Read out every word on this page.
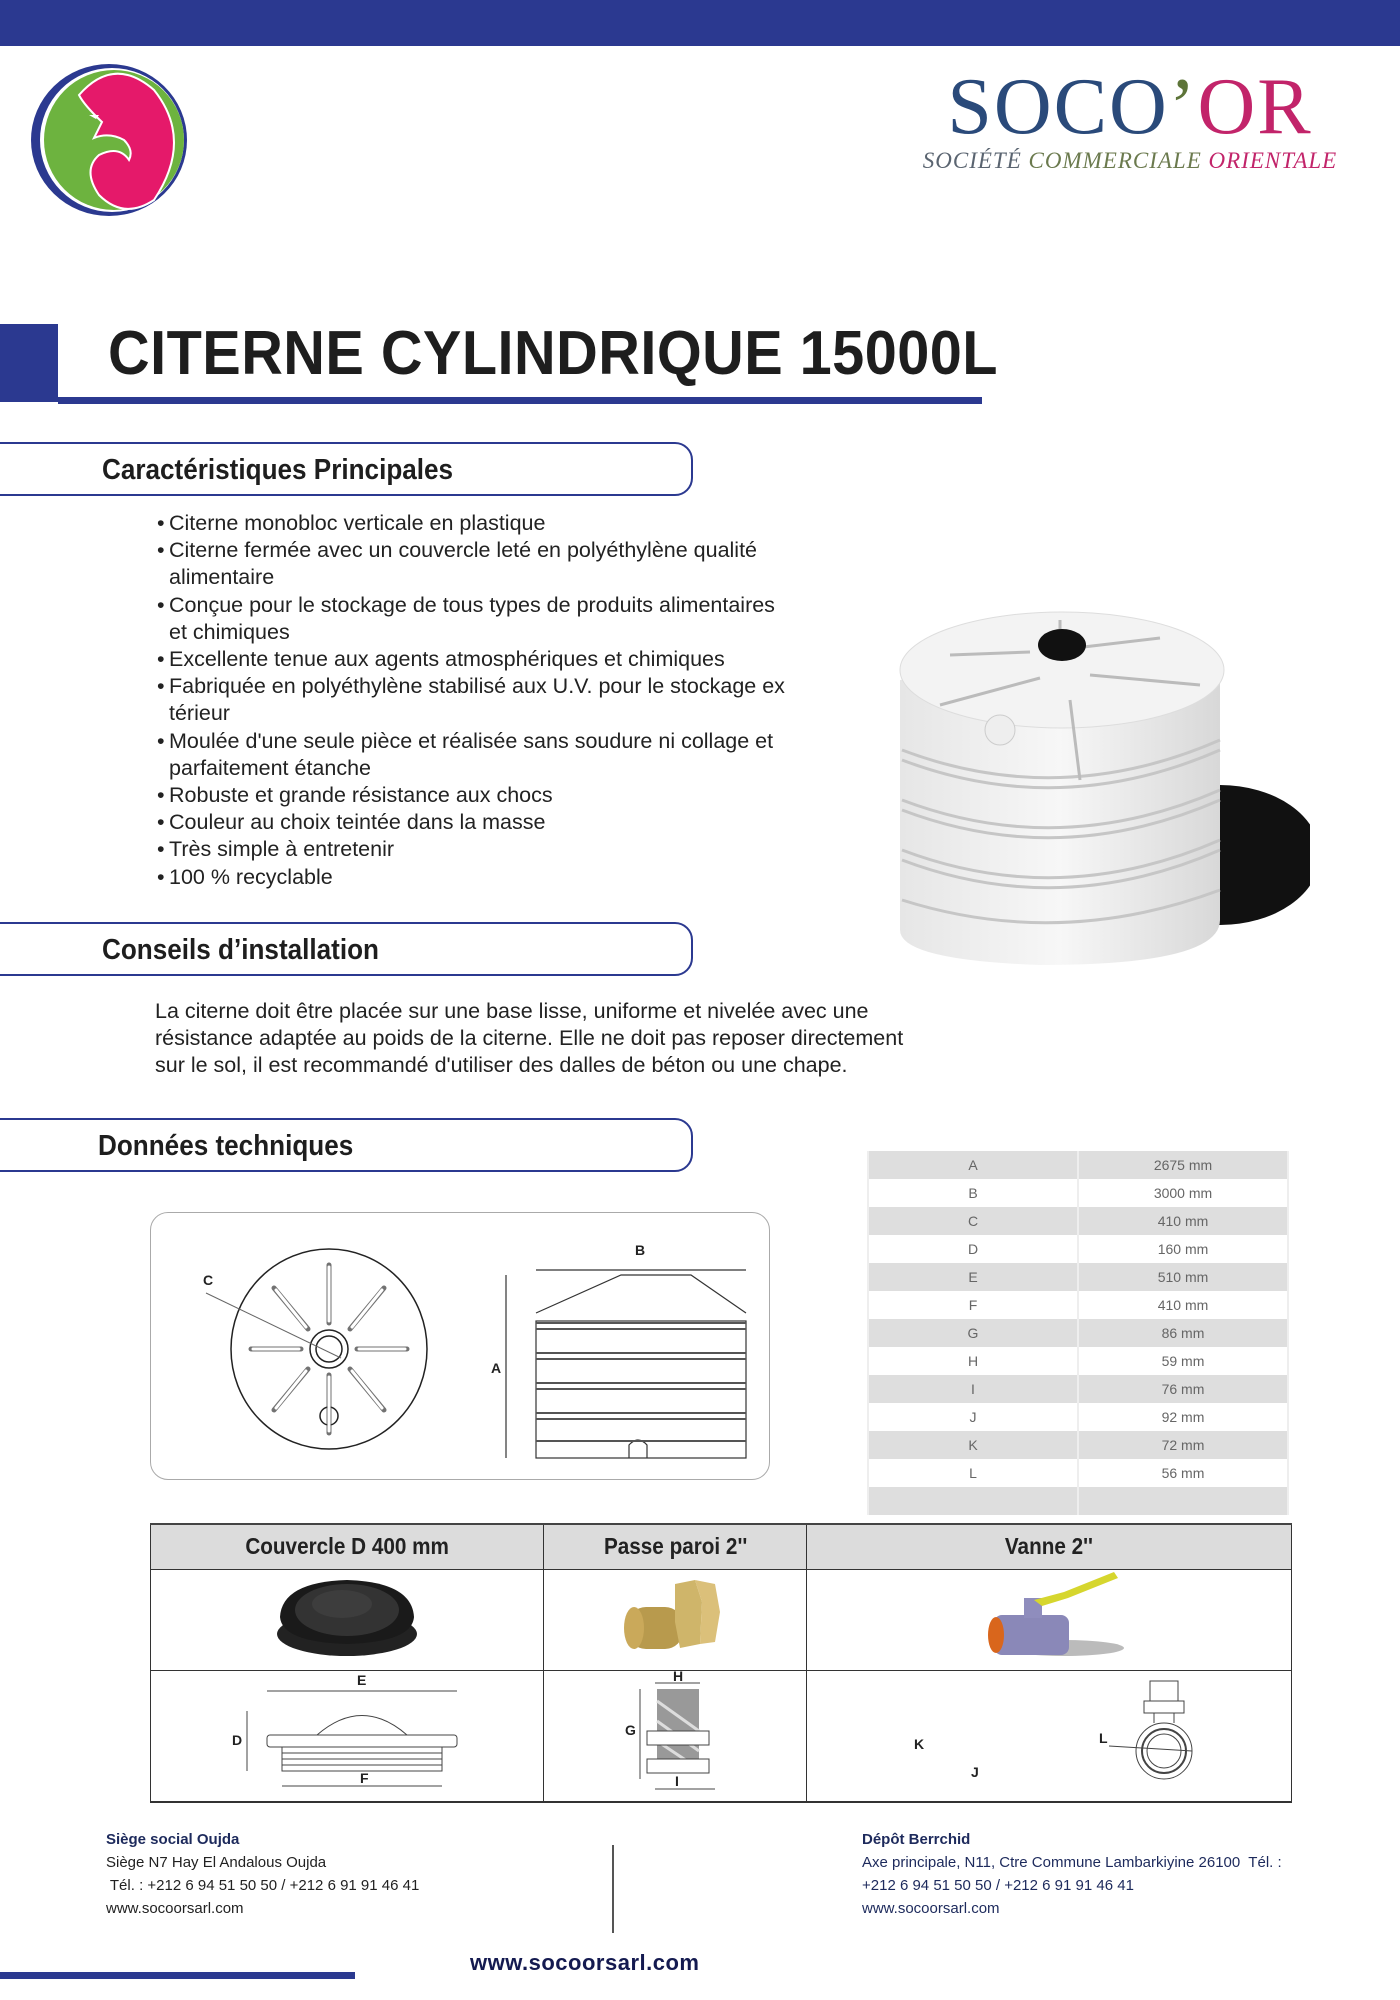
SOCO’OR
SOCIÉTÉ COMMERCIALE ORIENTALE
CITERNE CYLINDRIQUE 15000L
Caractéristiques Principales
• Citerne monobloc verticale en plastique
• Citerne fermée avec un couvercle leté en polyéthylène qualité alimentaire
• Conçue pour le stockage de tous types de produits alimentaires et chimiques
• Excellente tenue aux agents atmosphériques et chimiques
• Fabriquée en polyéthylène stabilisé aux U.V. pour le stockage ex térieur
• Moulée d'une seule pièce et réalisée sans soudure ni collage et parfaitement étanche
• Robuste et grande résistance aux chocs
• Couleur au choix teintée dans la masse
• Très simple à entretenir
• 100 % recyclable
Conseils d’installation

La citerne doit être placée sur une base lisse, uniforme et nivelée avec une résistance adaptée au poids de la citerne. Elle ne doit pas reposer directement sur le sol, il est recommandé d'utiliser des dalles de béton ou une chape.

Données techniques
C
B
A
A	2675 mm
B	3000 mm
C	410 mm
D	160 mm
E	510 mm
F	410 mm
G	86 mm
H	59 mm
I	76 mm
J	92 mm
K	72 mm
L	56 mm

Couvercle D 400 mm	Passe paroi 2''	Vanne 2''

E
D
F	H
G
I	K
J
L
Siège social Oujda
Siège N7 Hay El Andalous Oujda
Tél. : +212 6 94 51 50 50 / +212 6 91 91 46 41
www.socoorsarl.com
Dépôt Berrchid
Axe principale, N11, Ctre Commune Lambarkiyine 26100  Tél. :
+212 6 94 51 50 50 / +212 6 91 91 46 41
www.socoorsarl.com
www.socoorsarl.com
